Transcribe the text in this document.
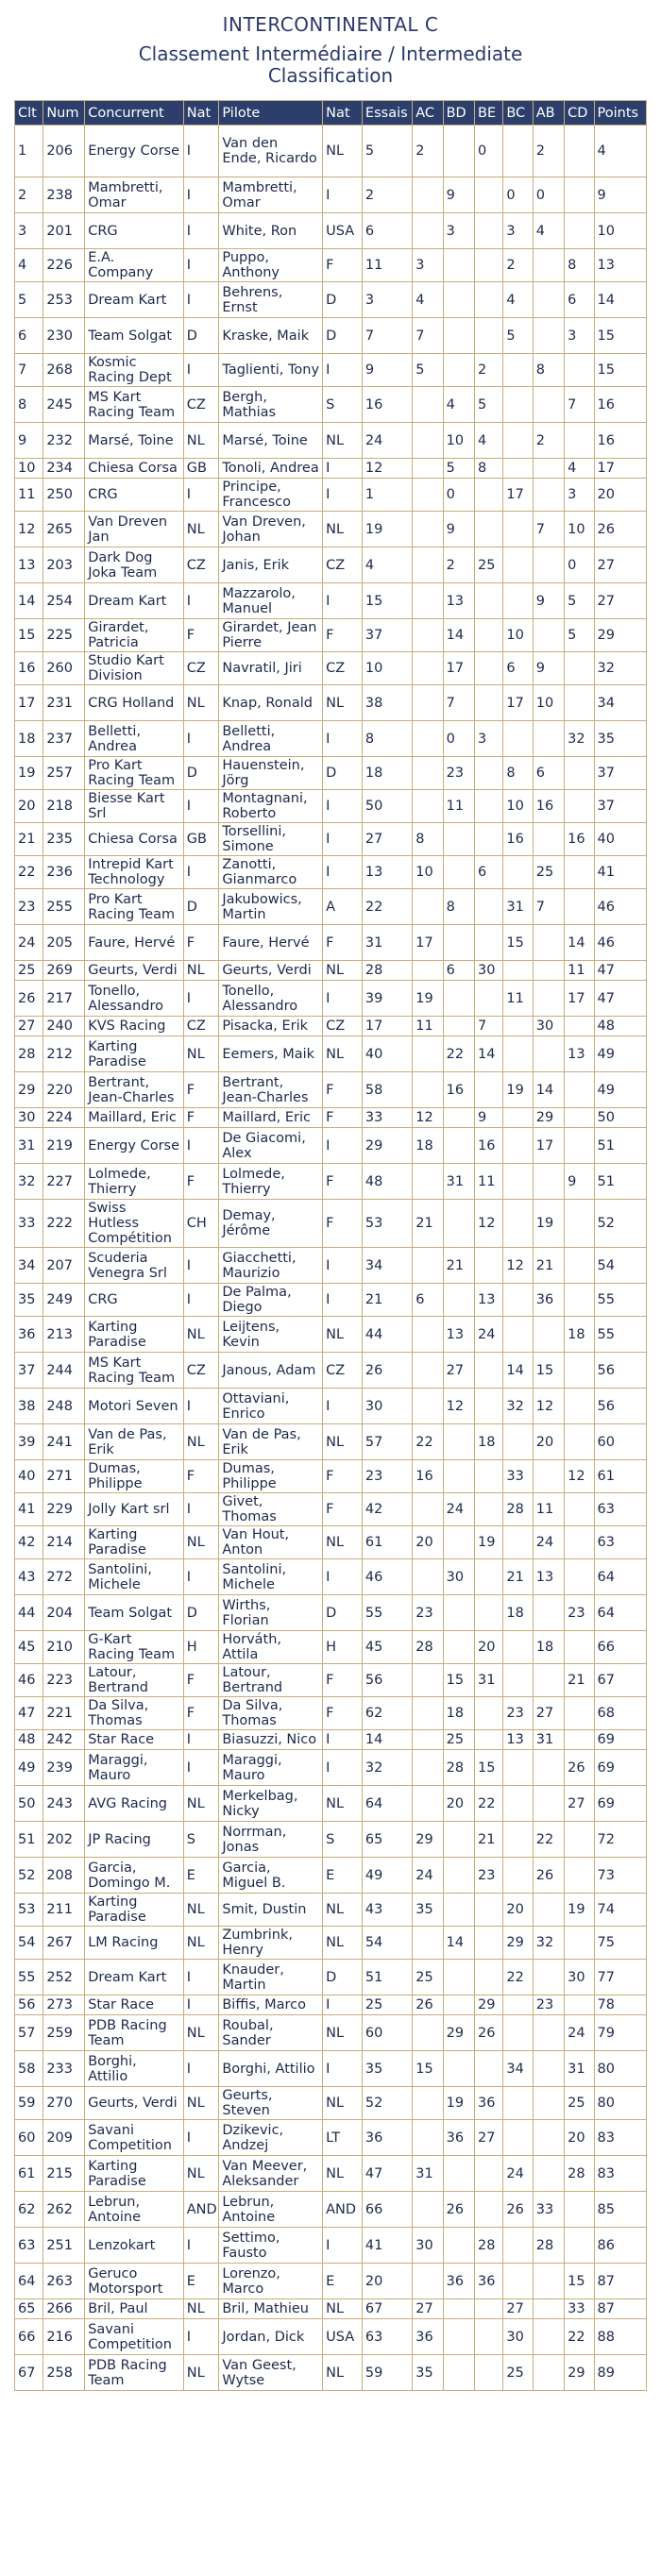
INTERCONTINENTAL C
Classement Intermédiaire / Intermediate
Classification
Clt	Num	Concurrent	Nat	Pilote	Nat	Essais	AC	BD	BE	BC	AB	CD	Points
1	206	Energy Corse	I	Van den Ende, Ricardo	NL	5	2		0		2		4
2	238	Mambretti, Omar	I	Mambretti, Omar	I	2		9		0	0		9
3	201	CRG	I	White, Ron	USA	6		3		3	4		10
4	226	E.A. Company	I	Puppo, Anthony	F	11	3			2		8	13
5	253	Dream Kart	I	Behrens, Ernst	D	3	4			4		6	14
6	230	Team Solgat	D	Kraske, Maik	D	7	7			5		3	15
7	268	Kosmic Racing Dept	I	Taglienti, Tony	I	9	5		2		8		15
8	245	MS Kart Racing Team	CZ	Bergh, Mathias	S	16		4	5			7	16
9	232	Marsé, Toine	NL	Marsé, Toine	NL	24		10	4		2		16
10	234	Chiesa Corsa	GB	Tonoli, Andrea	I	12		5	8			4	17
11	250	CRG	I	Principe, Francesco	I	1		0		17		3	20
12	265	Van Dreven Jan	NL	Van Dreven, Johan	NL	19		9			7	10	26
13	203	Dark Dog Joka Team	CZ	Janis, Erik	CZ	4		2	25			0	27
14	254	Dream Kart	I	Mazzarolo, Manuel	I	15		13			9	5	27
15	225	Girardet, Patricia	F	Girardet, Jean Pierre	F	37		14		10		5	29
16	260	Studio Kart Division	CZ	Navratil, Jiri	CZ	10		17		6	9		32
17	231	CRG Holland	NL	Knap, Ronald	NL	38		7		17	10		34
18	237	Belletti, Andrea	I	Belletti, Andrea	I	8		0	3			32	35
19	257	Pro Kart Racing Team	D	Hauenstein, Jörg	D	18		23		8	6		37
20	218	Biesse Kart Srl	I	Montagnani, Roberto	I	50		11		10	16		37
21	235	Chiesa Corsa	GB	Torsellini, Simone	I	27	8			16		16	40
22	236	Intrepid Kart Technology	I	Zanotti, Gianmarco	I	13	10		6		25		41
23	255	Pro Kart Racing Team	D	Jakubowics, Martin	A	22		8		31	7		46
24	205	Faure, Hervé	F	Faure, Hervé	F	31	17			15		14	46
25	269	Geurts, Verdi	NL	Geurts, Verdi	NL	28		6	30			11	47
26	217	Tonello, Alessandro	I	Tonello, Alessandro	I	39	19			11		17	47
27	240	KVS Racing	CZ	Pisacka, Erik	CZ	17	11		7		30		48
28	212	Karting Paradise	NL	Eemers, Maik	NL	40		22	14			13	49
29	220	Bertrant, Jean-Charles	F	Bertrant, Jean-Charles	F	58		16		19	14		49
30	224	Maillard, Eric	F	Maillard, Eric	F	33	12		9		29		50
31	219	Energy Corse	I	De Giacomi, Alex	I	29	18		16		17		51
32	227	Lolmede, Thierry	F	Lolmede, Thierry	F	48		31	11			9	51
33	222	Swiss Hutless Compétition	CH	Demay, Jérôme	F	53	21		12		19		52
34	207	Scuderia Venegra Srl	I	Giacchetti, Maurizio	I	34		21		12	21		54
35	249	CRG	I	De Palma, Diego	I	21	6		13		36		55
36	213	Karting Paradise	NL	Leijtens, Kevin	NL	44		13	24			18	55
37	244	MS Kart Racing Team	CZ	Janous, Adam	CZ	26		27		14	15		56
38	248	Motori Seven	I	Ottaviani, Enrico	I	30		12		32	12		56
39	241	Van de Pas, Erik	NL	Van de Pas, Erik	NL	57	22		18		20		60
40	271	Dumas, Philippe	F	Dumas, Philippe	F	23	16			33		12	61
41	229	Jolly Kart srl	I	Givet, Thomas	F	42		24		28	11		63
42	214	Karting Paradise	NL	Van Hout, Anton	NL	61	20		19		24		63
43	272	Santolini, Michele	I	Santolini, Michele	I	46		30		21	13		64
44	204	Team Solgat	D	Wirths, Florian	D	55	23			18		23	64
45	210	G-Kart Racing Team	H	Horváth, Attila	H	45	28		20		18		66
46	223	Latour, Bertrand	F	Latour, Bertrand	F	56		15	31			21	67
47	221	Da Silva, Thomas	F	Da Silva, Thomas	F	62		18		23	27		68
48	242	Star Race	I	Biasuzzi, Nico	I	14		25		13	31		69
49	239	Maraggi, Mauro	I	Maraggi, Mauro	I	32		28	15			26	69
50	243	AVG Racing	NL	Merkelbag, Nicky	NL	64		20	22			27	69
51	202	JP Racing	S	Norrman, Jonas	S	65	29		21		22		72
52	208	Garcia, Domingo M.	E	Garcia, Miguel B.	E	49	24		23		26		73
53	211	Karting Paradise	NL	Smit, Dustin	NL	43	35			20		19	74
54	267	LM Racing	NL	Zumbrink, Henry	NL	54		14		29	32		75
55	252	Dream Kart	I	Knauder, Martin	D	51	25			22		30	77
56	273	Star Race	I	Biffis, Marco	I	25	26		29		23		78
57	259	PDB Racing Team	NL	Roubal, Sander	NL	60		29	26			24	79
58	233	Borghi, Attilio	I	Borghi, Attilio	I	35	15			34		31	80
59	270	Geurts, Verdi	NL	Geurts, Steven	NL	52		19	36			25	80
60	209	Savani Competition	I	Dzikevic, Andzej	LT	36		36	27			20	83
61	215	Karting Paradise	NL	Van Meever, Aleksander	NL	47	31			24		28	83
62	262	Lebrun, Antoine	AND	Lebrun, Antoine	AND	66		26		26	33		85
63	251	Lenzokart	I	Settimo, Fausto	I	41	30		28		28		86
64	263	Geruco Motorsport	E	Lorenzo, Marco	E	20		36	36			15	87
65	266	Bril, Paul	NL	Bril, Mathieu	NL	67	27			27		33	87
66	216	Savani Competition	I	Jordan, Dick	USA	63	36			30		22	88
67	258	PDB Racing Team	NL	Van Geest, Wytse	NL	59	35			25		29	89
